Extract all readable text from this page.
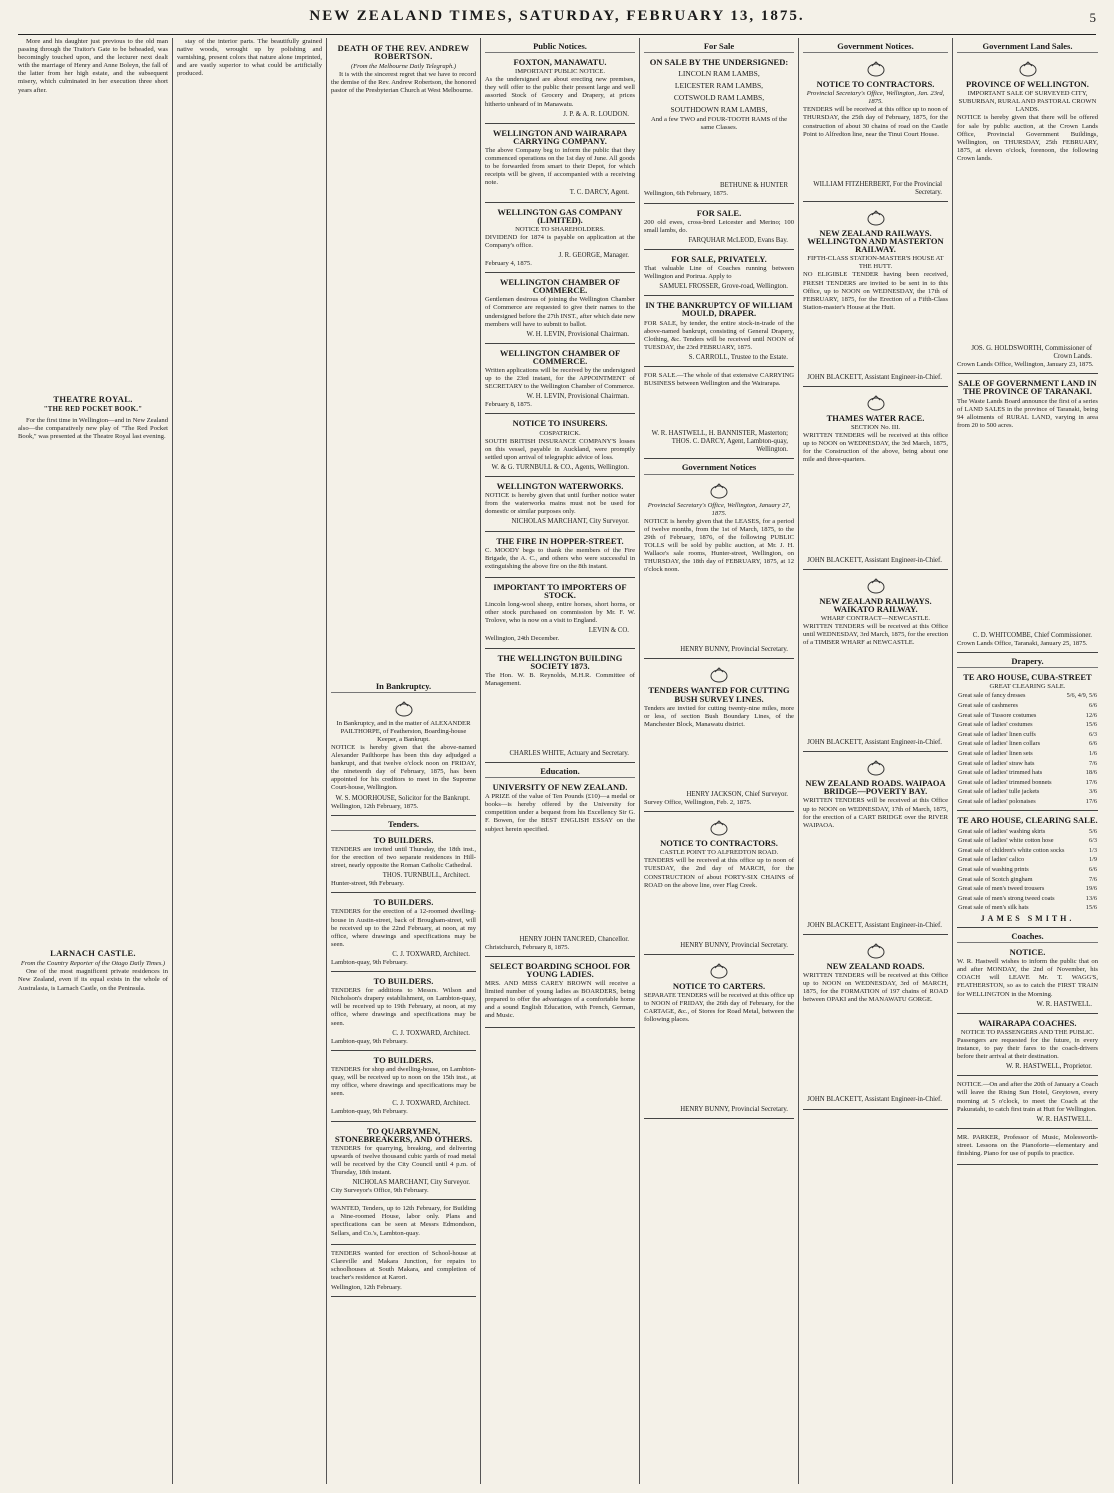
NEW ZEALAND TIMES, SATURDAY, FEBRUARY 13, 1875.	5

More and his daughter just previous to the old man passing through the Traitor's Gate to be beheaded, was becomingly touched upon, and the lecturer next dealt with the marriage of Henry and Anne Boleyn, the fall of the latter from her high estate, and the subsequent misery, which culminated in her execution three short years after.

THEATRE ROYAL.
"THE RED POCKET BOOK."

For the first time in Wellington—and in New Zealand also—the comparatively new play of "The Red Pocket Book," was presented at the Theatre Royal last evening.

LARNACH CASTLE.
From the Country Reporter of the Otago Daily Times.)

One of the most magnificent private residences in New Zealand, even if its equal exists in the whole of Australasia, is Larnach Castle, on the Peninsula.

stay of the interior parts. The beautifully grained native woods, wrought up by polishing and varnishing, present colors that nature alone imprinted, and are vastly superior to what could be artificially produced.

DEATH OF THE REV. ANDREW ROBERTSON.
(From the Melbourne Daily Telegraph.)

It is with the sincerest regret that we have to record the demise of the Rev. Andrew Robertson, the honored pastor of the Presbyterian Church at West Melbourne.

In Bankruptcy.
In Bankruptcy, and in the matter of ALEXANDER PAILTHORPE, of Featherston, Boarding-house Keeper, a Bankrupt.

NOTICE is hereby given that the above-named Alexander Pailthorpe has been this day adjudged a bankrupt, and that twelve o'clock noon on FRIDAY, the nineteenth day of February, 1875, has been appointed for his creditors to meet in the Supreme Court-house, Wellington.

W. S. MOORHOUSE, Solicitor for the Bankrupt.
Wellington, 12th February, 1875.
Tenders.
TO BUILDERS.

TENDERS are invited until Thursday, the 18th inst., for the erection of two separate residences in Hill-street, nearly opposite the Roman Catholic Cathedral.

THOS. TURNBULL, Architect.
Hunter-street, 9th February.
TO BUILDERS.

TENDERS for the erection of a 12-roomed dwelling-house in Austin-street, back of Brougham-street, will be received up to the 22nd February, at noon, at my office, where drawings and specifications may be seen.

C. J. TOXWARD, Architect.
Lambton-quay, 9th February.
TO BUILDERS.

TENDERS for additions to Messrs. Wilson and Nicholson's drapery establishment, on Lambton-quay, will be received up to 19th February, at noon, at my office, where drawings and specifications may be seen.

C. J. TOXWARD, Architect.
Lambton-quay, 9th February.
TO BUILDERS.

TENDERS for shop and dwelling-house, on Lambton-quay, will be received up to noon on the 15th inst., at my office, where drawings and specifications may be seen.

C. J. TOXWARD, Architect.
Lambton-quay, 9th February.
TO QUARRYMEN, STONEBREAKERS, AND OTHERS.

TENDERS for quarrying, breaking, and delivering upwards of twelve thousand cubic yards of road metal will be received by the City Council until 4 p.m. of Thursday, 18th instant.

NICHOLAS MARCHANT, City Surveyor.
City Surveyor's Office, 9th February.

WANTED, Tenders, up to 12th February, for Building a Nine-roomed House, labor only. Plans and specifications can be seen at Messrs Edmondson, Sellars, and Co.'s, Lambton-quay.

TENDERS wanted for erection of School-house at Clareville and Makara Junction, for repairs to schoolhouses at South Makara, and completion of teacher's residence at Karori.

Wellington, 12th February.
Public Notices.
FOXTON, MANAWATU.
IMPORTANT PUBLIC NOTICE.

As the undersigned are about erecting new premises, they will offer to the public their present large and well assorted Stock of Grocery and Drapery, at prices hitherto unheard of in Manawatu.

J. P. & A. R. LOUDON.
WELLINGTON AND WAIRARAPA CARRYING COMPANY.

The above Company beg to inform the public that they commenced operations on the 1st day of June. All goods to be forwarded from smart to their Depot, for which receipts will be given, if accompanied with a receiving note.

T. C. DARCY, Agent.
WELLINGTON GAS COMPANY (LIMITED).
NOTICE TO SHAREHOLDERS.

DIVIDEND for 1874 is payable on application at the Company's office.

J. R. GEORGE, Manager.
February 4, 1875.
WELLINGTON CHAMBER OF COMMERCE.

Gentlemen desirous of joining the Wellington Chamber of Commerce are requested to give their names to the undersigned before the 27th INST., after which date new members will have to submit to ballot.

W. H. LEVIN, Provisional Chairman.
WELLINGTON CHAMBER OF COMMERCE.

Written applications will be received by the undersigned up to the 23rd instant, for the APPOINTMENT of SECRETARY to the Wellington Chamber of Commerce.

W. H. LEVIN, Provisional Chairman.
February 8, 1875.
NOTICE TO INSURERS.
COSPATRICK.

SOUTH BRITISH INSURANCE COMPANY'S losses on this vessel, payable in Auckland, were promptly settled upon arrival of telegraphic advice of loss.

W. & G. TURNBULL & CO., Agents, Wellington.
WELLINGTON WATERWORKS.

NOTICE is hereby given that until further notice water from the waterworks mains must not be used for domestic or similar purposes only.

NICHOLAS MARCHANT, City Surveyor.
THE FIRE IN HOPPER-STREET.

C. MOODY begs to thank the members of the Fire Brigade, the A. C., and others who were successful in extinguishing the above fire on the 8th instant.

IMPORTANT TO IMPORTERS OF STOCK.

Lincoln long-wool sheep, entire horses, short horns, or other stock purchased on commission by Mr. F. W. Trolove, who is now on a visit to England.

LEVIN & CO.
Wellington, 24th December.
THE WELLINGTON BUILDING SOCIETY 1873.

The Hon. W. B. Reynolds, M.H.R. Committee of Management.

CHARLES WHITE, Actuary and Secretary.
Education.
UNIVERSITY OF NEW ZEALAND.

A PRIZE of the value of Ten Pounds (£10)—a medal or books—is hereby offered by the University for competition under a bequest from his Excellency Sir G. F. Bowen, for the BEST ENGLISH ESSAY on the subject herein specified.

HENRY JOHN TANCRED, Chancellor.
Christchurch, February 8, 1875.
SELECT BOARDING SCHOOL FOR YOUNG LADIES.

MRS. AND MISS CAREY BROWN will receive a limited number of young ladies as BOARDERS, being prepared to offer the advantages of a comfortable home and a sound English Education, with French, German, and Music.

For Sale
ON SALE BY THE UNDERSIGNED:
LINCOLN RAM LAMBS,
LEICESTER RAM LAMBS,
COTSWOLD RAM LAMBS,
SOUTHDOWN RAM LAMBS,
And a few TWO and FOUR-TOOTH RAMS of the same Classes.
BETHUNE & HUNTER
Wellington, 6th February, 1875.
FOR SALE.

200 old ewes, cross-bred Leicester and Merino; 100 small lambs, do.

FARQUHAR McLEOD, Evans Bay.
FOR SALE, PRIVATELY.

That valuable Line of Coaches running between Wellington and Porirua. Apply to

SAMUEL FROSSER, Grove-road, Wellington.
IN THE BANKRUPTCY OF WILLIAM MOULD, DRAPER.

FOR SALE, by tender, the entire stock-in-trade of the above-named bankrupt, consisting of General Drapery, Clothing, &c. Tenders will be received until NOON of TUESDAY, the 23rd FEBRUARY, 1875.

S. CARROLL, Trustee to the Estate.

FOR SALE.—The whole of that extensive CARRYING BUSINESS between Wellington and the Wairarapa.

W. R. HASTWELL, H. BANNISTER, Masterton; THOS. C. DARCY, Agent, Lambton-quay, Wellington.
Government Notices
Provincial Secretary's Office, Wellington, January 27, 1875.

NOTICE is hereby given that the LEASES, for a period of twelve months, from the 1st of March, 1875, to the 29th of February, 1876, of the following PUBLIC TOLLS will be sold by public auction, at Mr. J. H. Wallace's sale rooms, Hunter-street, Wellington, on THURSDAY, the 18th day of FEBRUARY, 1875, at 12 o'clock noon.

HENRY BUNNY, Provincial Secretary.
TENDERS WANTED FOR CUTTING BUSH SURVEY LINES.

Tenders are invited for cutting twenty-nine miles, more or less, of section Bush Boundary Lines, of the Manchester Block, Manawatu district.

HENRY JACKSON, Chief Surveyor.
Survey Office, Wellington, Feb. 2, 1875.
NOTICE TO CONTRACTORS.
CASTLE POINT TO ALFREDTON ROAD.

TENDERS will be received at this office up to noon of TUESDAY, the 2nd day of MARCH, for the CONSTRUCTION of about FORTY-SIX CHAINS of ROAD on the above line, over Flag Creek.

HENRY BUNNY, Provincial Secretary.
NOTICE TO CARTERS.

SEPARATE TENDERS will be received at this office up to NOON of FRIDAY, the 26th day of February, for the CARTAGE, &c., of Stores for Road Metal, between the following places.

HENRY BUNNY, Provincial Secretary.
Government Notices.
NOTICE TO CONTRACTORS.
Provincial Secretary's Office, Wellington, Jan. 23rd, 1875.

TENDERS will be received at this office up to noon of THURSDAY, the 25th day of February, 1875, for the construction of about 30 chains of road on the Castle Point to Alfredton line, near the Tinui Court House.

WILLIAM FITZHERBERT, For the Provincial Secretary.
NEW ZEALAND RAILWAYS. WELLINGTON AND MASTERTON RAILWAY.
FIFTH-CLASS STATION-MASTER'S HOUSE AT THE HUTT.

NO ELIGIBLE TENDER having been received, FRESH TENDERS are invited to be sent in to this Office, up to NOON on WEDNESDAY, the 17th of FEBRUARY, 1875, for the Erection of a Fifth-Class Station-master's House at the Hutt.

JOHN BLACKETT, Assistant Engineer-in-Chief.
THAMES WATER RACE.
SECTION No. III.

WRITTEN TENDERS will be received at this office up to NOON on WEDNESDAY, the 3rd March, 1875, for the Construction of the above, being about one mile and three-quarters.

JOHN BLACKETT, Assistant Engineer-in-Chief.
NEW ZEALAND RAILWAYS. WAIKATO RAILWAY.
WHARF CONTRACT—NEWCASTLE.

WRITTEN TENDERS will be received at this Office until WEDNESDAY, 3rd March, 1875, for the erection of a TIMBER WHARF at NEWCASTLE.

JOHN BLACKETT, Assistant Engineer-in-Chief.
NEW ZEALAND ROADS. WAIPAOA BRIDGE—POVERTY BAY.

WRITTEN TENDERS will be received at this Office up to NOON on WEDNESDAY, 17th of March, 1875, for the erection of a CART BRIDGE over the RIVER WAIPAOA.

JOHN BLACKETT, Assistant Engineer-in-Chief.
NEW ZEALAND ROADS.

WRITTEN TENDERS will be received at this Office up to NOON on WEDNESDAY, 3rd of MARCH, 1875, for the FORMATION of 197 chains of ROAD between OPAKI and the MANAWATU GORGE.

JOHN BLACKETT, Assistant Engineer-in-Chief.
Government Land Sales.
PROVINCE OF WELLINGTON.
IMPORTANT SALE OF SURVEYED CITY, SUBURBAN, RURAL AND PASTORAL CROWN LANDS.

NOTICE is hereby given that there will be offered for sale by public auction, at the Crown Lands Office, Provincial Government Buildings, Wellington, on THURSDAY, 25th FEBRUARY, 1875, at eleven o'clock, forenoon, the following Crown lands.

JOS. G. HOLDSWORTH, Commissioner of Crown Lands.
Crown Lands Office, Wellington, January 23, 1875.
SALE OF GOVERNMENT LAND IN THE PROVINCE OF TARANAKI.

The Waste Lands Board announce the first of a series of LAND SALES in the province of Taranaki, being 94 allotments of RURAL LAND, varying in area from 20 to 500 acres.

C. D. WHITCOMBE, Chief Commissioner.
Crown Lands Office, Taranaki, January 25, 1875.
Drapery.
TE ARO HOUSE, CUBA-STREET
GREAT CLEARING SALE.
Great sale of fancy dresses	5/6, 4/9, 5/6
Great sale of cashmeres	6/6
Great sale of Tussore costumes	12/6
Great sale of ladies' costumes	15/6
Great sale of ladies' linen cuffs	6/3
Great sale of ladies' linen collars	6/6
Great sale of ladies' linen sets	1/6
Great sale of ladies' straw hats	7/6
Great sale of ladies' trimmed hats	18/6
Great sale of ladies' trimmed bonnets	17/6
Great sale of ladies' tulle jackets	3/6
Great sale of ladies' polonaises	17/6
TE ARO HOUSE, CLEARING SALE.
Great sale of ladies' washing skirts	5/6
Great sale of ladies' white cotton hose	6/3
Great sale of children's white cotton socks	1/3
Great sale of ladies' calico	1/9
Great sale of washing prints	6/6
Great sale of Scotch gingham	7/6
Great sale of men's tweed trousers	19/6
Great sale of men's strong tweed coats	13/6
Great sale of men's silk hats	15/6
JAMES SMITH.
Coaches.
NOTICE.

W. R. Hastwell wishes to inform the public that on and after MONDAY, the 2nd of November, his COACH will LEAVE Mr. T. WAGG'S, FEATHERSTON, so as to catch the FIRST TRAIN for WELLINGTON in the Morning.

W. R. HASTWELL.
WAIRARAPA COACHES.
NOTICE TO PASSENGERS AND THE PUBLIC.

Passengers are requested for the future, in every instance, to pay their fares to the coach-drivers before their arrival at their destination.

W. R. HASTWELL, Proprietor.

NOTICE.—On and after the 20th of January a Coach will leave the Rising Sun Hotel, Greytown, every morning at 5 o'clock, to meet the Coach at the Pakuratahi, to catch first train at Hutt for Wellington.

W. R. HASTWELL.

MR. PARKER, Professor of Music, Molesworth-street. Lessons on the Pianoforte—elementary and finishing. Piano for use of pupils to practice.
